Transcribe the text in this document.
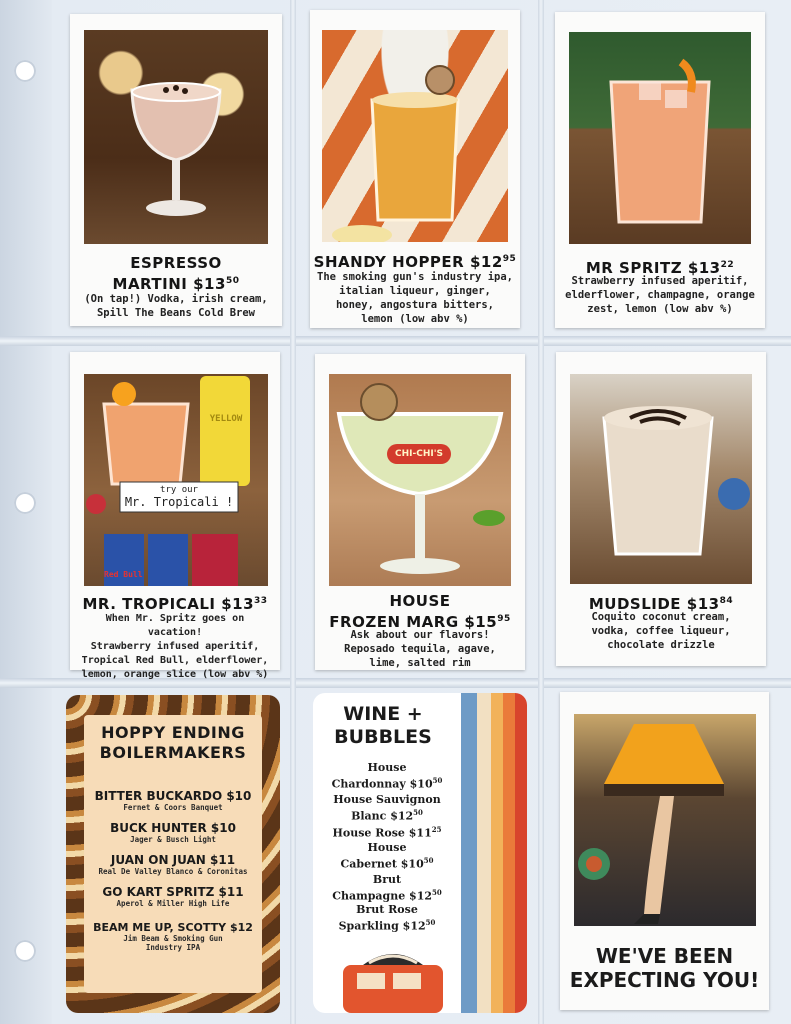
ESPRESSO
MARTINI $\$13^{50}$
(On tap!) Vodka, irish cream,
Spill The Beans Cold Brew
SHANDY HOPPER $\$12^{95}$
The smoking gun's industry ipa,
italian liqueur, ginger,
honey, angostura bitters,
lemon (low abv %)
MR SPRITZ $\$13^{22}$
Strawberry infused aperitif,
elderflower, champagne, orange
zest, lemon (low abv %)
try our
Mr. Tropicali !
YELLOW
Red Bull
MR. TROPICALI $\$13^{33}$
When Mr. Spritz goes on vacation!
Strawberry infused aperitif,
Tropical Red Bull, elderflower,
lemon, orange slice (low abv %)
CHI-CHI'S
HOUSE
FROZEN MARG $\$15^{95}$
Ask about our flavors!
Reposado tequila, agave,
lime, salted rim
MUDSLIDE $\$13^{84}$
Coquito coconut cream,
vodka, coffee liqueur,
chocolate drizzle
HOPPY ENDING
BOILERMAKERS
BITTER BUCKARDO $10
Fernet & Coors Banquet
BUCK HUNTER $10
Jager & Busch Light
JUAN ON JUAN $11
Real De Valley Blanco & Coronitas
GO KART SPRITZ $11
Aperol & Miller High Life
BEAM ME UP, SCOTTY $12
Jim Beam & Smoking Gun
Industry IPA
WINE +
BUBBLES
House
Chardonnay $\$10^{50}$
House Sauvignon
Blanc $\$12^{50}$
House Rose $\$11^{25}$
House
Cabernet $\$10^{50}$
Brut
Champagne $\$12^{50}$
Brut Rose
Sparkling $\$12^{50}$
WE'VE BEEN
EXPECTING YOU!
